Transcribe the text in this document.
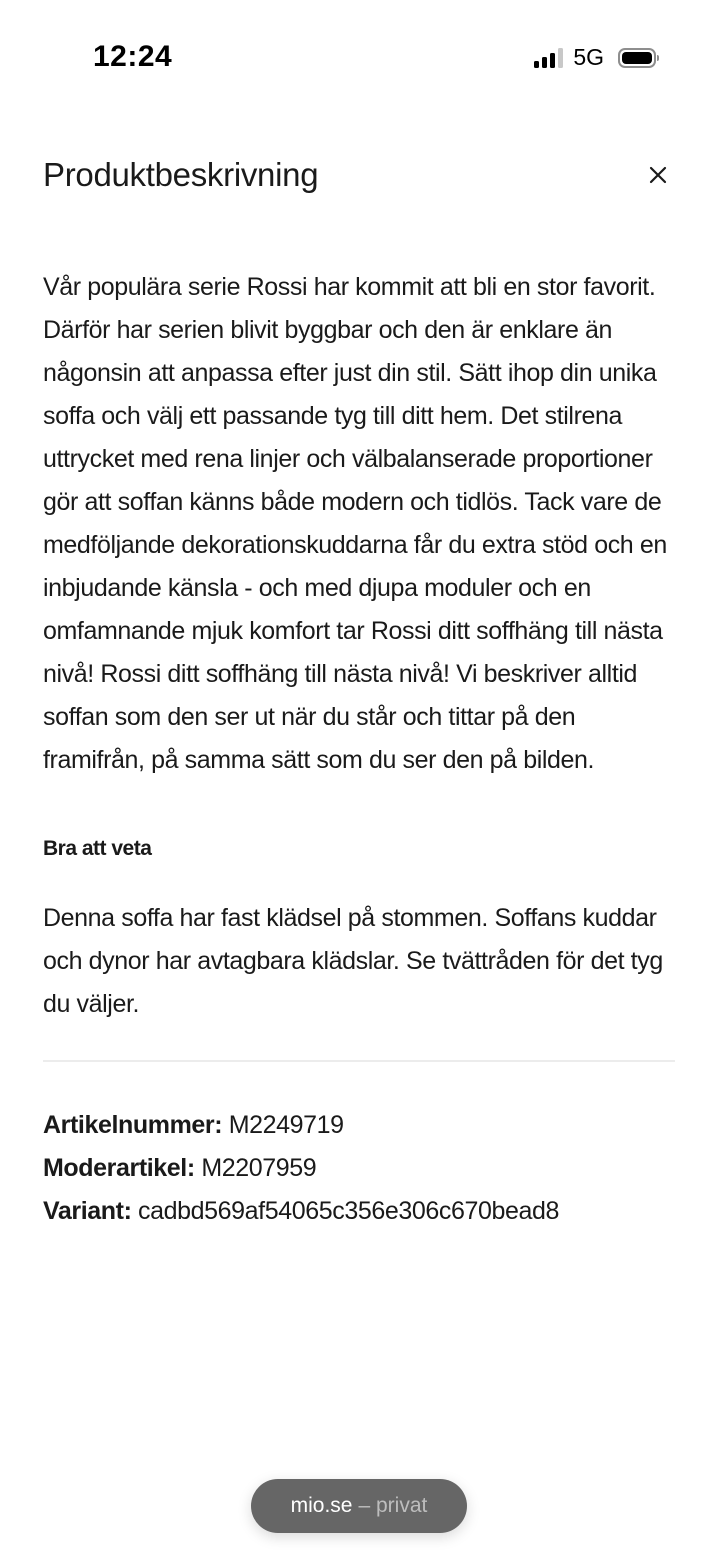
12:24	5G
Produktbeskrivning

Vår populära serie Rossi har kommit att bli en stor favorit. Därför har serien blivit byggbar och den är enklare än någonsin att anpassa efter just din stil. Sätt ihop din unika soffa och välj ett passande tyg till ditt hem. Det stilrena uttrycket med rena linjer och välbalanserade proportioner gör att soffan känns både modern och tidlös. Tack vare de medföljande dekorationskuddarna får du extra stöd och en inbjudande känsla - och med djupa moduler och en omfamnande mjuk komfort tar Rossi ditt soffhäng till nästa nivå! Rossi ditt soffhäng till nästa nivå! Vi beskriver alltid soffan som den ser ut när du står och tittar på den framifrån, på samma sätt som du ser den på bilden.

Bra att veta

Denna soffa har fast klädsel på stommen. Soffans kuddar och dynor har avtagbara klädslar. Se tvättråden för det tyg du väljer.

Artikelnummer: M2249719
Moderartikel: M2207959
Variant: cadbd569af54065c356e306c670bead8
mio.se – privat
